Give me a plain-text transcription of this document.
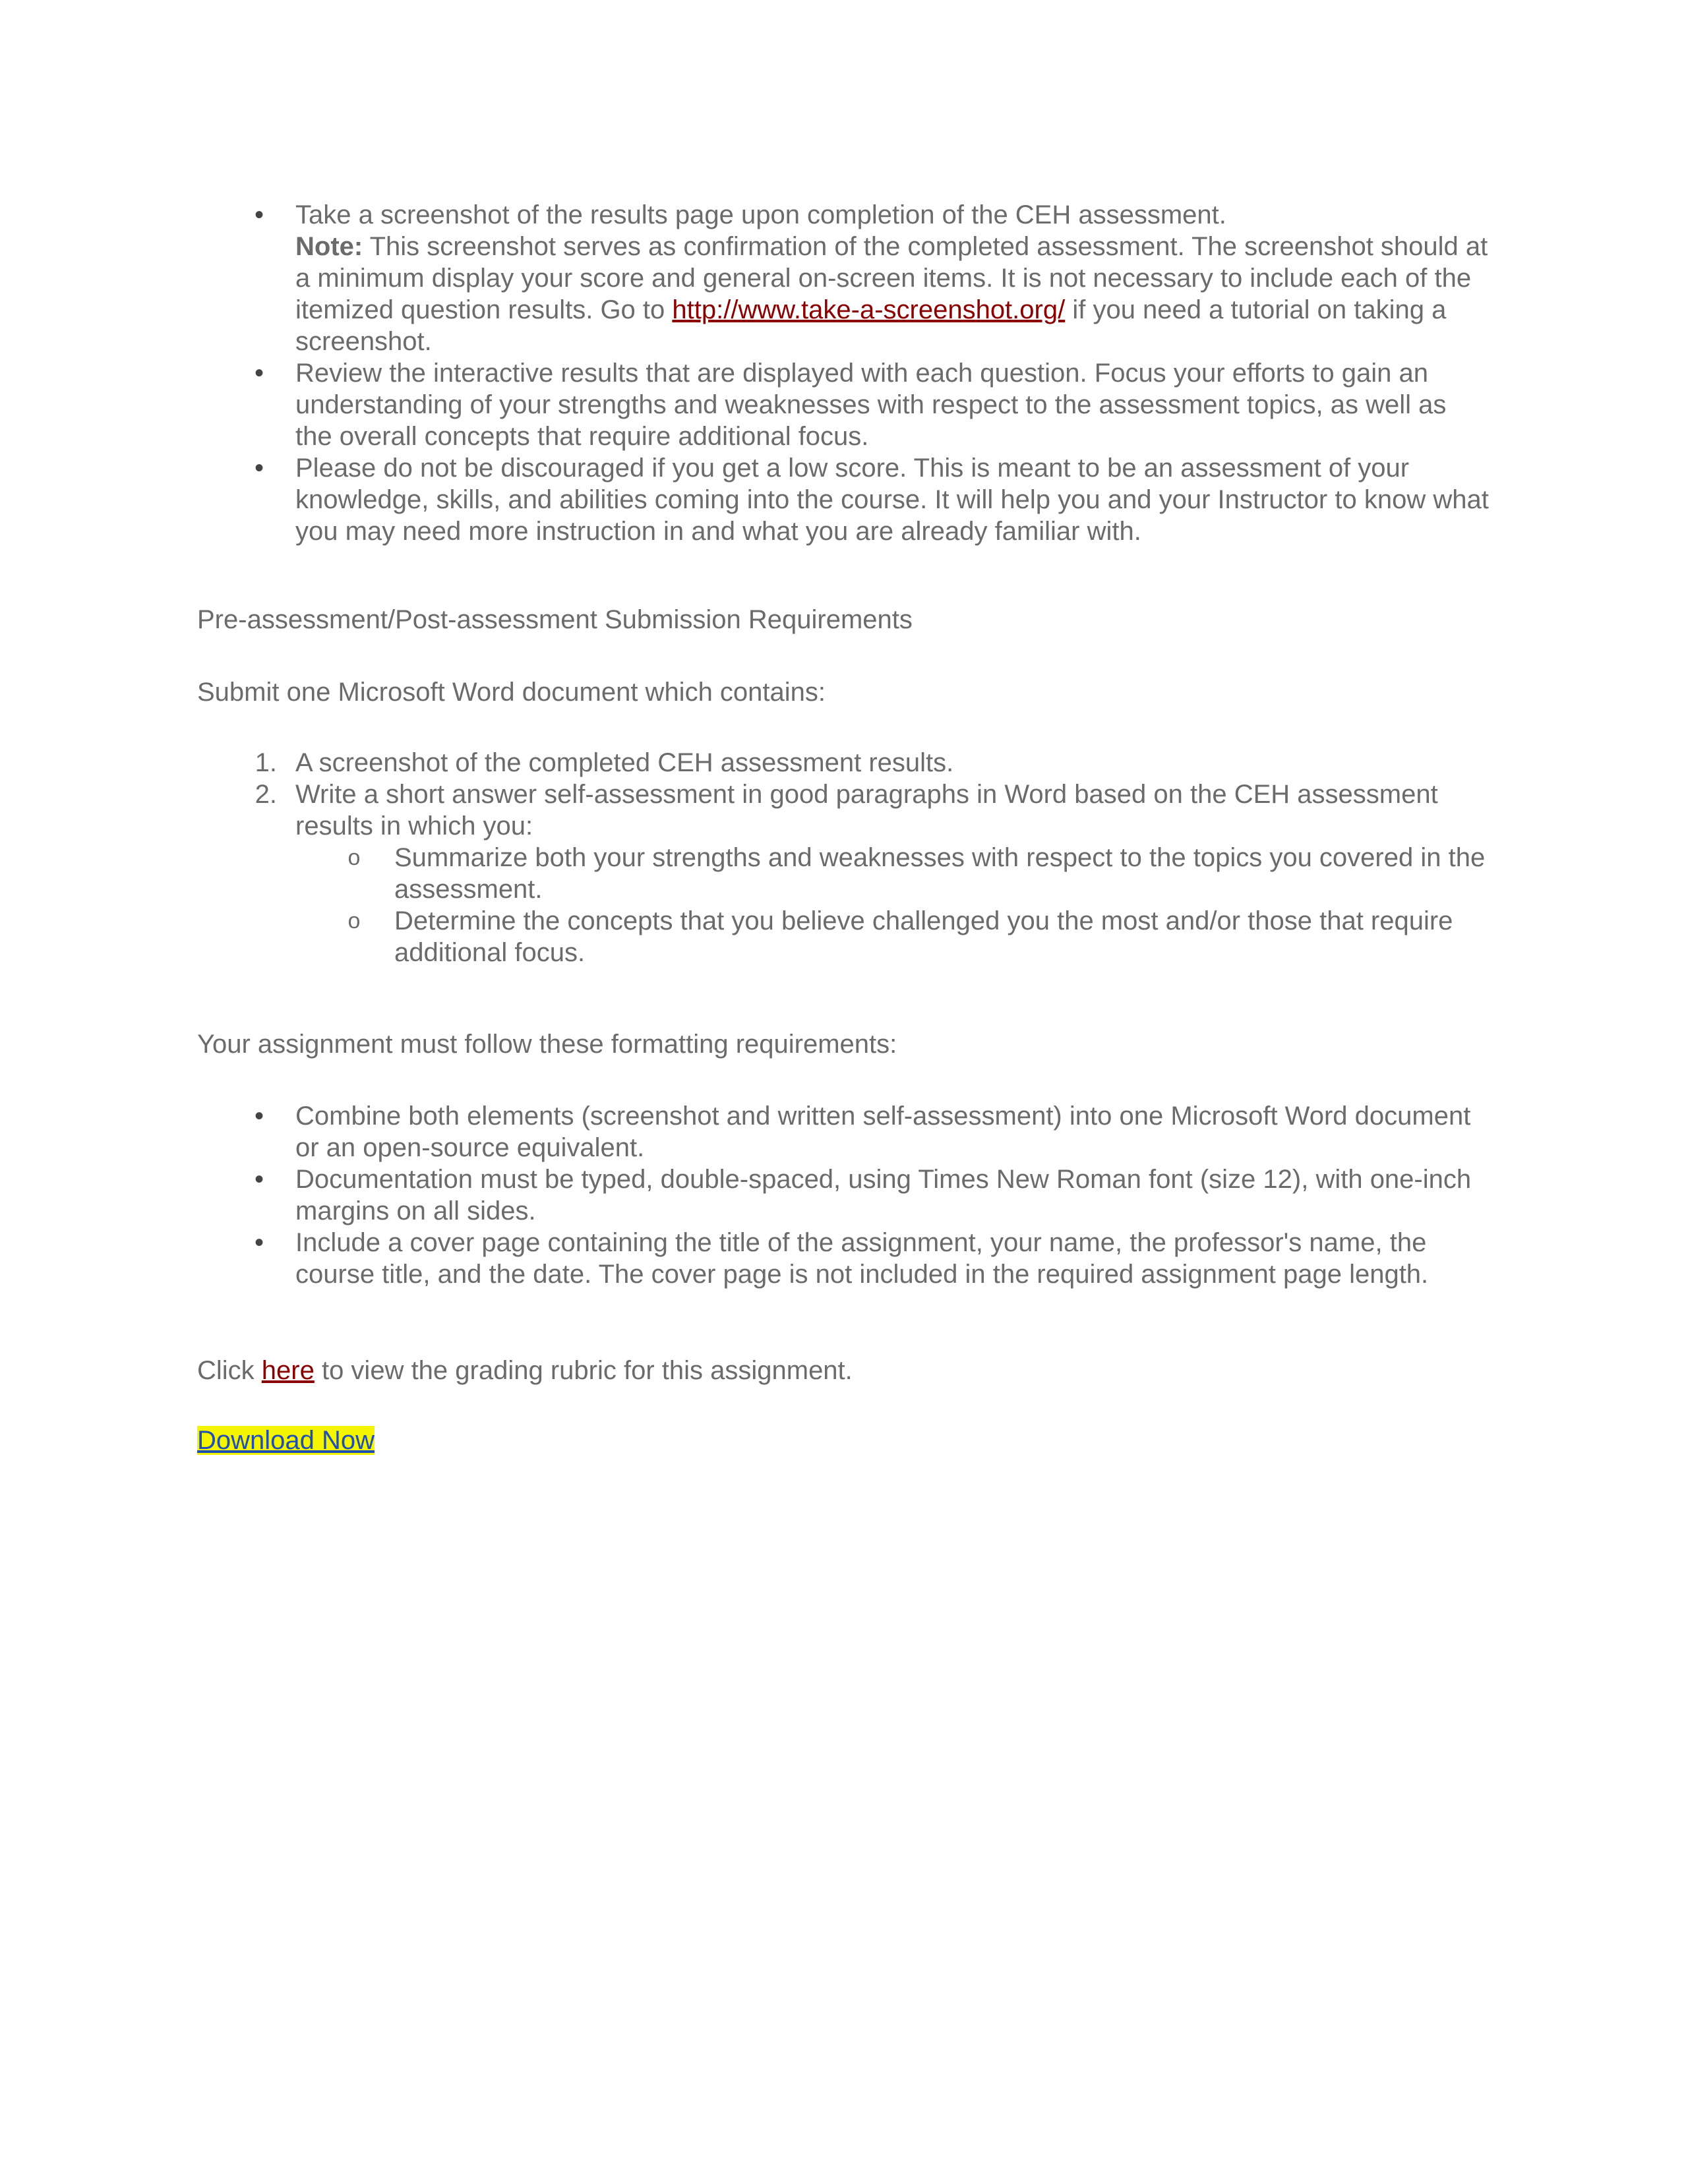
• Take a screenshot of the results page upon completion of the CEH assessment.
Note: This screenshot serves as confirmation of the completed assessment. The screenshot should at a minimum display your score and general on-screen items. It is not necessary to include each of the itemized question results. Go to http://www.take-a-screenshot.org/ if you need a tutorial on taking a screenshot.
• Review the interactive results that are displayed with each question. Focus your efforts to gain an understanding of your strengths and weaknesses with respect to the assessment topics, as well as the overall concepts that require additional focus.
• Please do not be discouraged if you get a low score. This is meant to be an assessment of your knowledge, skills, and abilities coming into the course. It will help you and your Instructor to know what you may need more instruction in and what you are already familiar with.
Pre-assessment/Post-assessment Submission Requirements
Submit one Microsoft Word document which contains:
1. A screenshot of the completed CEH assessment results.
2. Write a short answer self-assessment in good paragraphs in Word based on the CEH assessment results in which you:
o Summarize both your strengths and weaknesses with respect to the topics you covered in the assessment.
o Determine the concepts that you believe challenged you the most and/or those that require additional focus.
Your assignment must follow these formatting requirements:
• Combine both elements (screenshot and written self-assessment) into one Microsoft Word document or an open-source equivalent.
• Documentation must be typed, double-spaced, using Times New Roman font (size 12), with one-inch margins on all sides.
• Include a cover page containing the title of the assignment, your name, the professor's name, the course title, and the date. The cover page is not included in the required assignment page length.
Click here to view the grading rubric for this assignment.
Download Now
